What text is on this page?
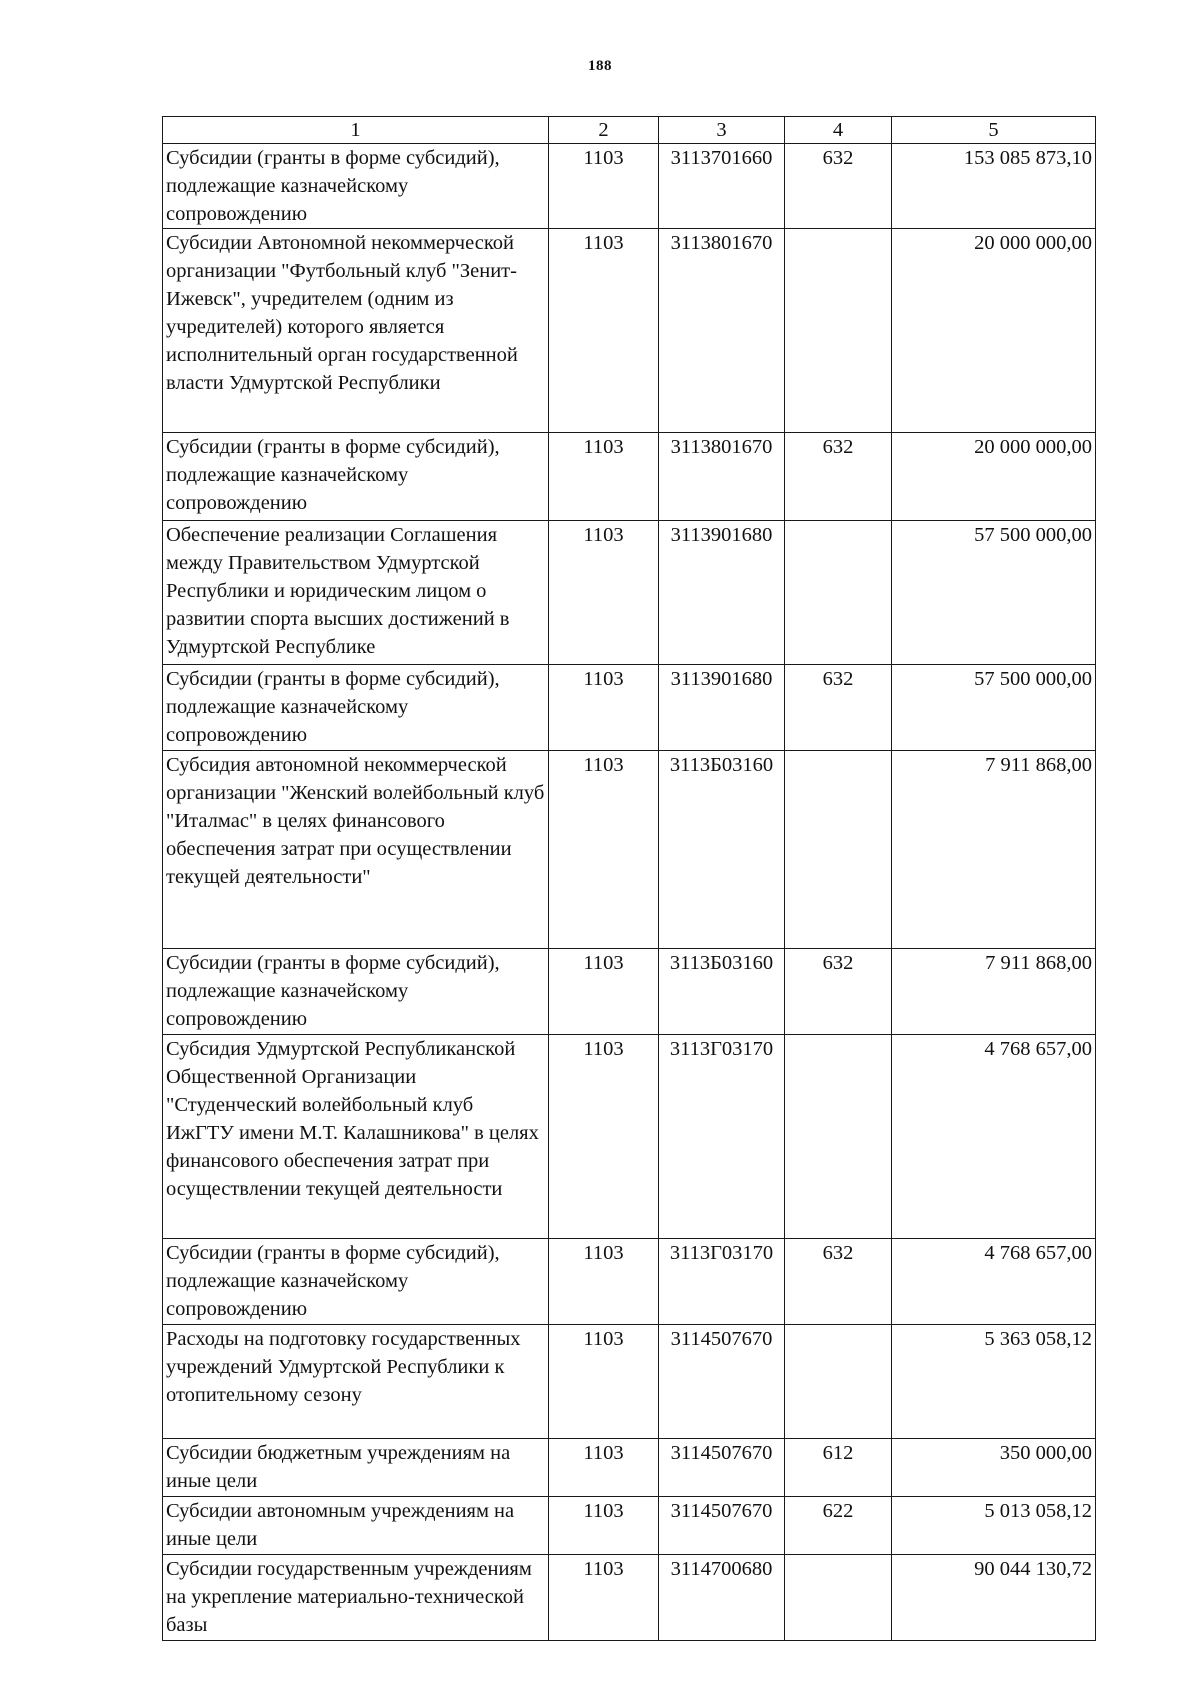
188
1	2	3	4	5
Субсидии (гранты в форме субсидий), подлежащие казначейскому сопровождению	1103	3113701660	632	153 085 873,10
Субсидии Автономной некоммерческой организации "Футбольный клуб "Зенит-Ижевск", учредителем (одним из учредителей) которого является исполнительный орган государственной власти Удмуртской Республики	1103	3113801670		20 000 000,00
Субсидии (гранты в форме субсидий), подлежащие казначейскому сопровождению	1103	3113801670	632	20 000 000,00
Обеспечение реализации Соглашения между Правительством Удмуртской Республики и юридическим лицом о развитии спорта высших достижений в Удмуртской Республике	1103	3113901680		57 500 000,00
Субсидии (гранты в форме субсидий), подлежащие казначейскому сопровождению	1103	3113901680	632	57 500 000,00
Субсидия автономной некоммерческой организации "Женский волейбольный клуб "Италмас" в целях финансового обеспечения затрат при осуществлении текущей деятельности"	1103	3113Б03160		7 911 868,00
Субсидии (гранты в форме субсидий), подлежащие казначейскому сопровождению	1103	3113Б03160	632	7 911 868,00
Субсидия Удмуртской Республиканской Общественной Организации "Студенческий волейбольный клуб ИжГТУ имени М.Т. Калашникова" в целях финансового обеспечения затрат при осуществлении текущей деятельности	1103	3113Г03170		4 768 657,00
Субсидии (гранты в форме субсидий), подлежащие казначейскому сопровождению	1103	3113Г03170	632	4 768 657,00
Расходы на подготовку государственных учреждений Удмуртской Республики к отопительному сезону	1103	3114507670		5 363 058,12
Субсидии бюджетным учреждениям на иные цели	1103	3114507670	612	350 000,00
Субсидии автономным учреждениям на иные цели	1103	3114507670	622	5 013 058,12
Субсидии государственным учреждениям на укрепление материально-технической базы	1103	3114700680		90 044 130,72
